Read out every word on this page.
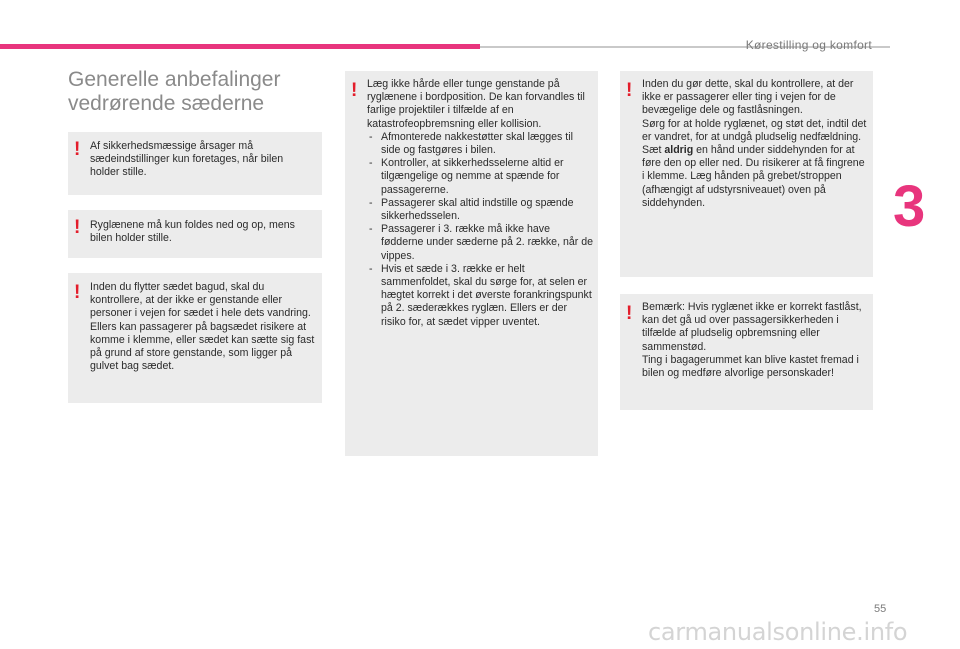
Kørestilling og komfort
3
Generelle anbefalinger
vedrørende sæderne
! Af sikkerhedsmæssige årsager må sædeindstillinger kun foretages, når bilen holder stille.

! Ryglænene må kun foldes ned og op, mens bilen holder stille.

! Inden du flytter sædet bagud, skal du kontrollere, at der ikke er genstande eller personer i vejen for sædet i hele dets vandring.
Ellers kan passagerer på bagsædet risikere at komme i klemme, eller sædet kan sætte sig fast på grund af store genstande, som ligger på gulvet bag sædet.

! Læg ikke hårde eller tunge genstande på ryglænene i bordposition. De kan forvandles til farlige projektiler i tilfælde af en katastrofeopbremsning eller kollision.

- Afmonterede nakkestøtter skal lægges til side og fastgøres i bilen.
- Kontroller, at sikkerhedsselerne altid er tilgængelige og nemme at spænde for passagererne.
- Passagerer skal altid indstille og spænde sikkerhedsselen.
- Passagerer i 3. række må ikke have fødderne under sæderne på 2. række, når de vippes.
- Hvis et sæde i 3. række er helt sammenfoldet, skal du sørge for, at selen er hægtet korrekt i det øverste forankringspunkt på 2. sæderækkes ryglæn. Ellers er der risiko for, at sædet vipper uventet.
! Inden du gør dette, skal du kontrollere, at der ikke er passagerer eller ting i vejen for de bevægelige dele og fastlåsningen.
Sørg for at holde ryglænet, og støt det, indtil det er vandret, for at undgå pludselig nedfældning.
Sæt aldrig en hånd under siddehynden for at føre den op eller ned. Du risikerer at få fingrene i klemme. Læg hånden på grebet/stroppen (afhængigt af udstyrsniveauet) oven på siddehynden.

! Bemærk: Hvis ryglænet ikke er korrekt fastlåst, kan det gå ud over passagersikkerheden i tilfælde af pludselig opbremsning eller sammenstød.
Ting i bagagerummet kan blive kastet fremad i bilen og medføre alvorlige personskader!

55
carmanualsonline.info
